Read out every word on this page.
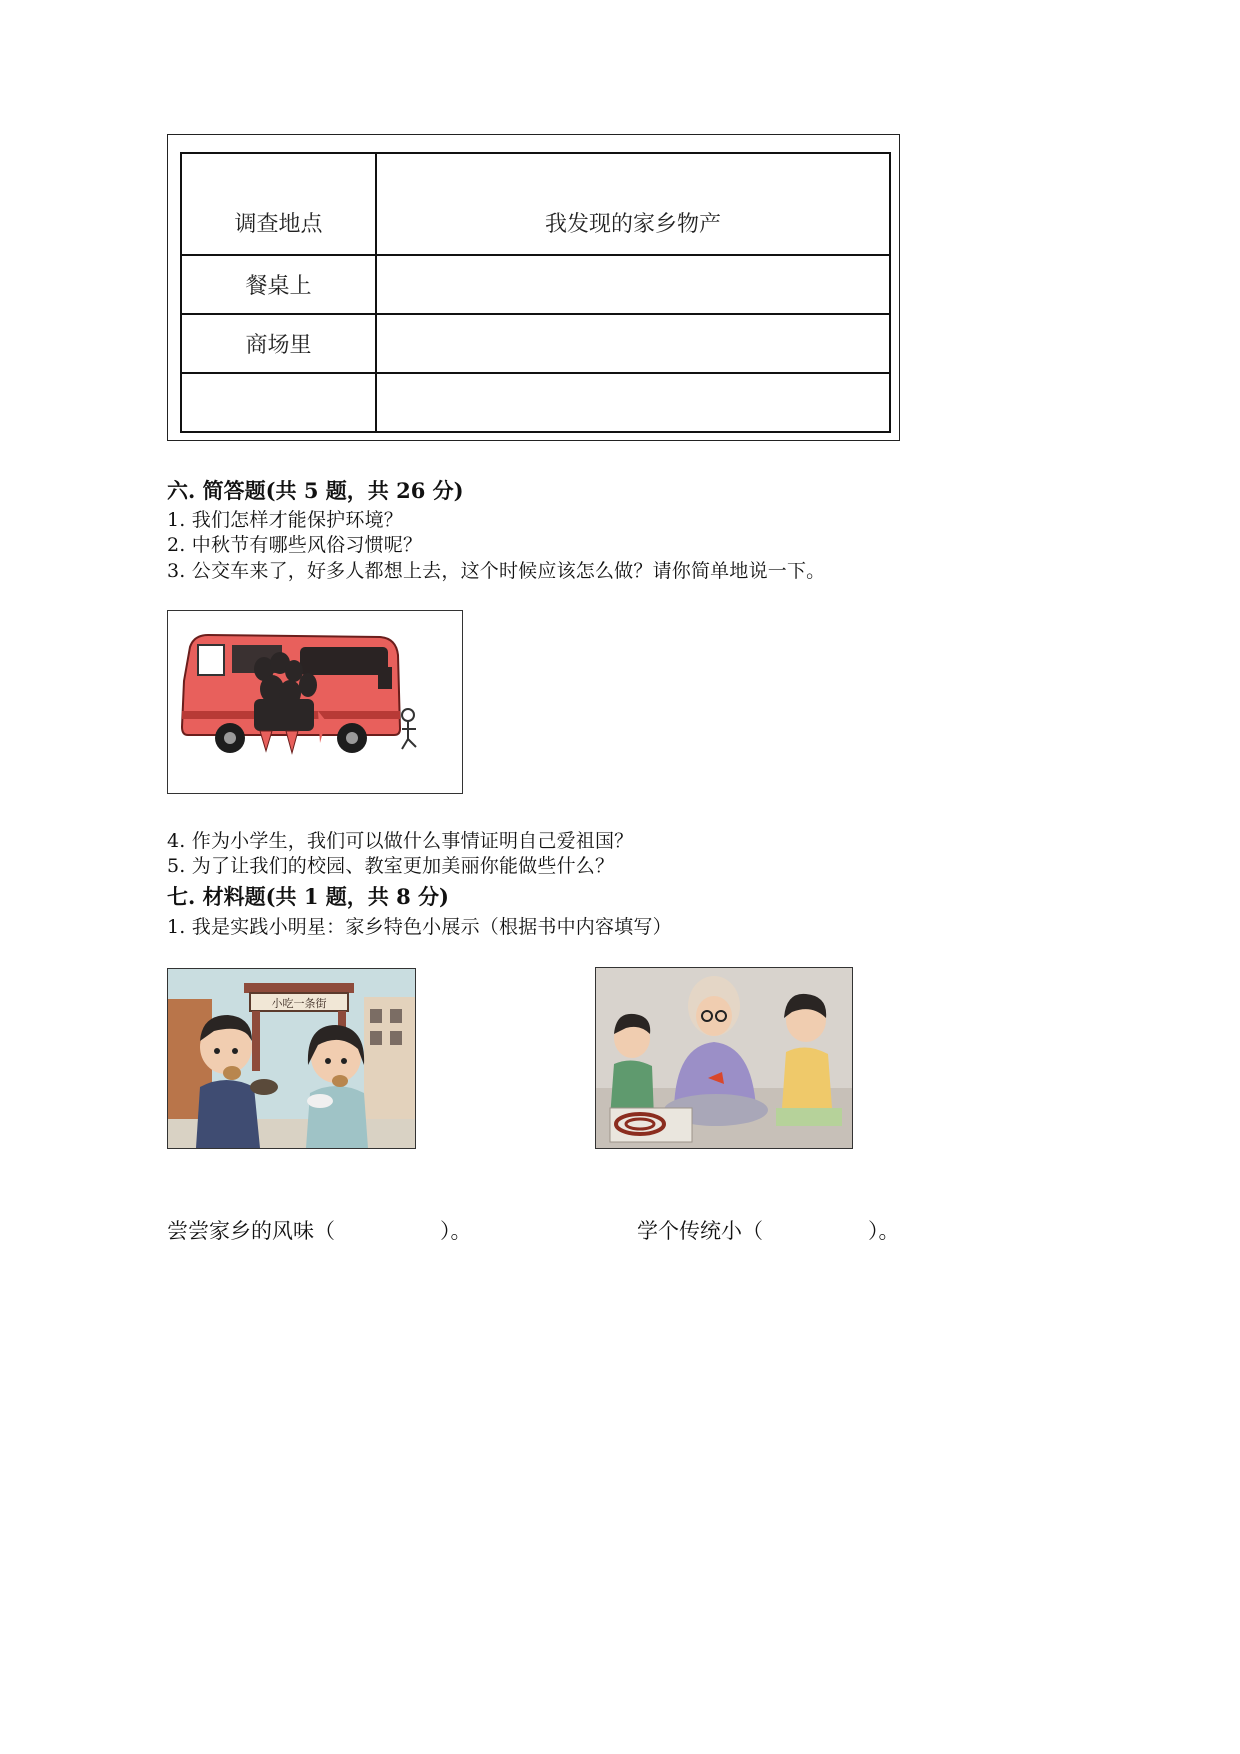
调查地点	我发现的家乡物产
餐桌上	
商场里	

六. 简答题(共 5 题，共 26 分)
1. 我们怎样才能保护环境？
2. 中秋节有哪些风俗习惯呢？
3. 公交车来了，好多人都想上去，这个时候应该怎么做？请你简单地说一下。
4. 作为小学生，我们可以做什么事情证明自己爱祖国？
5. 为了让我们的校园、教室更加美丽你能做些什么？
七. 材料题(共 1 题，共 8 分)
1. 我是实践小明星：家乡特色小展示（根据书中内容填写）
小吃一条街
尝尝家乡的风味（　　　　　）。	学个传统小（　　　　　）。
